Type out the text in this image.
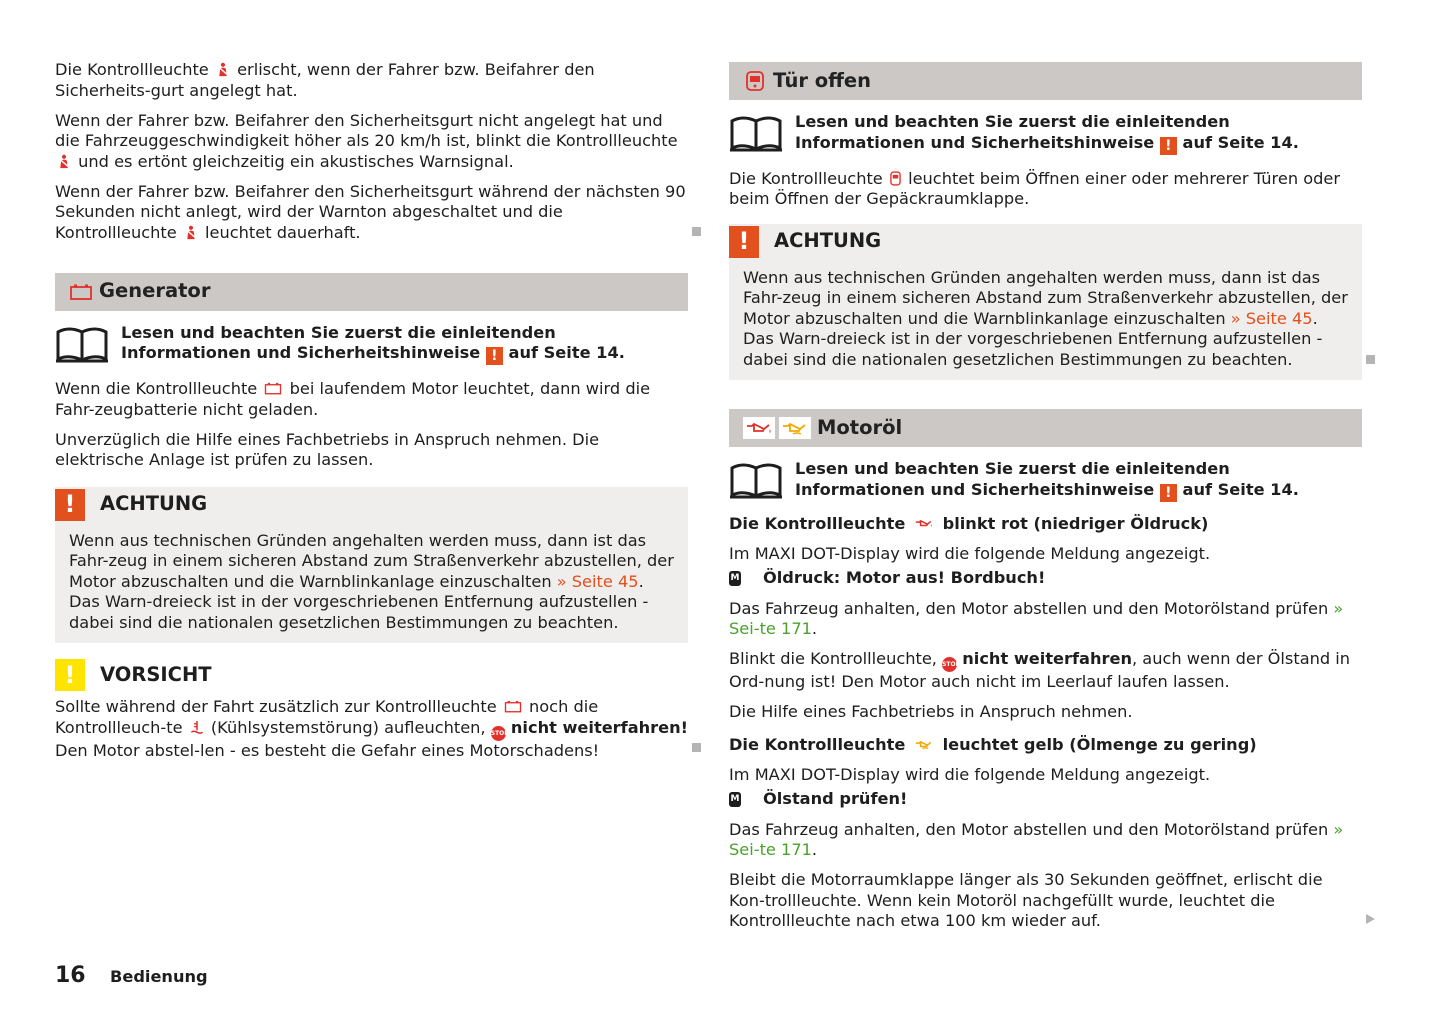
Die Kontrollleuchte erlischt, wenn der Fahrer bzw. Beifahrer den Sicherheits-gurt angelegt hat.

Wenn der Fahrer bzw. Beifahrer den Sicherheitsgurt nicht angelegt hat und die Fahrzeuggeschwindigkeit höher als 20 km/h ist, blinkt die Kontrollleuchte
und es ertönt gleichzeitig ein akustisches Warnsignal.

Wenn der Fahrer bzw. Beifahrer den Sicherheitsgurt während der nächsten 90 Sekunden nicht anlegt, wird der Warnton abgeschaltet und die Kontrollleuchte leuchtet dauerhaft.

Generator
Lesen und beachten Sie zuerst die einleitenden Informationen und Sicherheitshinweise ! auf Seite 14.

Wenn die Kontrollleuchte bei laufendem Motor leuchtet, dann wird die Fahr-zeugbatterie nicht geladen.

Unverzüglich die Hilfe eines Fachbetriebs in Anspruch nehmen. Die elektrische Anlage ist prüfen zu lassen.

!	ACHTUNG
Wenn aus technischen Gründen angehalten werden muss, dann ist das Fahr-zeug in einem sicheren Abstand zum Straßenverkehr abzustellen, der Motor abzuschalten und die Warnblinkanlage einzuschalten » Seite 45. Das Warn-dreieck ist in der vorgeschriebenen Entfernung aufzustellen - dabei sind die nationalen gesetzlichen Bestimmungen zu beachten.
!	VORSICHT

Sollte während der Fahrt zusätzlich zur Kontrollleuchte noch die Kontrollleuch-te (Kühlsystemstörung) aufleuchten, STOP nicht weiterfahren! Den Motor abstel-len - es besteht die Gefahr eines Motorschadens!

Tür offen
Lesen und beachten Sie zuerst die einleitenden Informationen und Sicherheitshinweise ! auf Seite 14.

Die Kontrollleuchte leuchtet beim Öffnen einer oder mehrerer Türen oder beim Öffnen der Gepäckraumklappe.

!	ACHTUNG
Wenn aus technischen Gründen angehalten werden muss, dann ist das Fahr-zeug in einem sicheren Abstand zum Straßenverkehr abzustellen, der Motor abzuschalten und die Warnblinkanlage einzuschalten » Seite 45. Das Warn-dreieck ist in der vorgeschriebenen Entfernung aufzustellen - dabei sind die nationalen gesetzlichen Bestimmungen zu beachten.
Motoröl
Lesen und beachten Sie zuerst die einleitenden Informationen und Sicherheitshinweise ! auf Seite 14.
Die Kontrollleuchte blinkt rot (niedriger Öldruck)

Im MAXI DOT-Display wird die folgende Meldung angezeigt.

M Öldruck: Motor aus! Bordbuch!

Das Fahrzeug anhalten, den Motor abstellen und den Motorölstand prüfen » Sei-te 171.

Blinkt die Kontrollleuchte, STOP nicht weiterfahren, auch wenn der Ölstand in Ord-nung ist! Den Motor auch nicht im Leerlauf laufen lassen.

Die Hilfe eines Fachbetriebs in Anspruch nehmen.

Die Kontrollleuchte leuchtet gelb (Ölmenge zu gering)

Im MAXI DOT-Display wird die folgende Meldung angezeigt.

M Ölstand prüfen!

Das Fahrzeug anhalten, den Motor abstellen und den Motorölstand prüfen » Sei-te 171.

Bleibt die Motorraumklappe länger als 30 Sekunden geöffnet, erlischt die Kon-trollleuchte. Wenn kein Motoröl nachgefüllt wurde, leuchtet die Kontrollleuchte nach etwa 100 km wieder auf.

16	Bedienung
